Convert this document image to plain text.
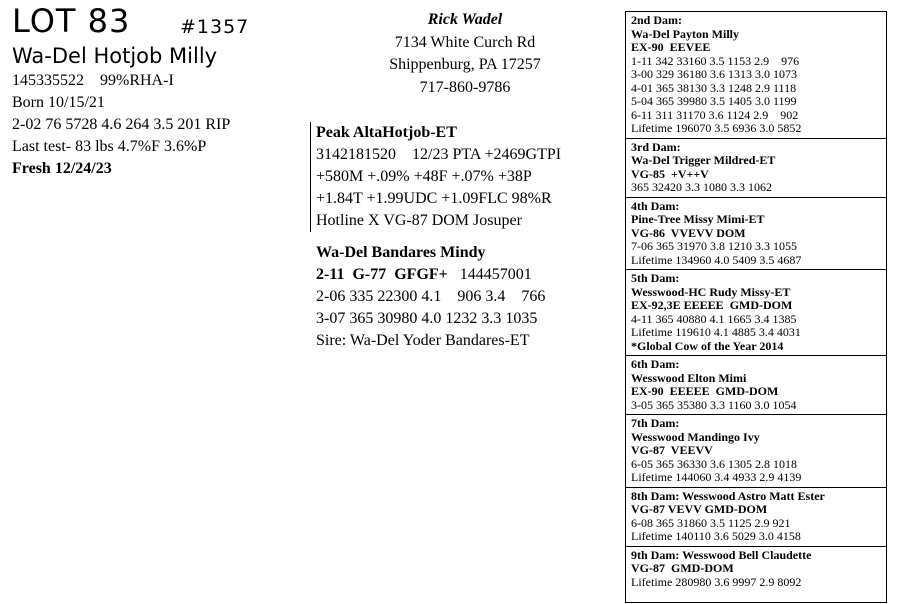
LOT 83	#1357
Wa-Del Hotjob Milly
145335522    99%RHA-I
Born 10/15/21
2-02 76 5728 4.6 264 3.5 201 RIP
Last test- 83 lbs 4.7%F 3.6%P
Fresh 12/24/23
Rick Wadel
7134 White Curch Rd
Shippenburg, PA 17257
717-860-9786
Peak AltaHotjob-ET
3142181520    12/23 PTA +2469GTPI
+580M +.09% +48F +.07% +38P
+1.84T +1.99UDC +1.09FLC 98%R
Hotline X VG-87 DOM Josuper
Wa-Del Bandares Mindy
2-11  G-77  GFGF+   144457001
2-06 335 22300 4.1    906 3.4    766
3-07 365 30980 4.0 1232 3.3 1035
Sire: Wa-Del Yoder Bandares-ET
2nd Dam:
Wa-Del Payton Milly
EX-90  EEVEE
1-11 342 33160 3.5 1153 2.9    976
3-00 329 36180 3.6 1313 3.0 1073
4-01 365 38130 3.3 1248 2.9 1118
5-04 365 39980 3.5 1405 3.0 1199
6-11 311 31170 3.6 1124 2.9    902
Lifetime 196070 3.5 6936 3.0 5852
3rd Dam:
Wa-Del Trigger Mildred-ET
VG-85  +V++V
365 32420 3.3 1080 3.3 1062
4th Dam:
Pine-Tree Missy Mimi-ET
VG-86  VVEVV DOM
7-06 365 31970 3.8 1210 3.3 1055
Lifetime 134960 4.0 5409 3.5 4687
5th Dam:
Wesswood-HC Rudy Missy-ET
EX-92,3E EEEEE  GMD-DOM
4-11 365 40880 4.1 1665 3.4 1385
Lifetime 119610 4.1 4885 3.4 4031
*Global Cow of the Year 2014
6th Dam:
Wesswood Elton Mimi
EX-90  EEEEE  GMD-DOM
3-05 365 35380 3.3 1160 3.0 1054
7th Dam:
Wesswood Mandingo Ivy
VG-87  VEEVV
6-05 365 36330 3.6 1305 2.8 1018
Lifetime 144060 3.4 4933 2.9 4139
8th Dam: Wesswood Astro Matt Ester
VG-87 VEVV GMD-DOM
6-08 365 31860 3.5 1125 2.9 921
Lifetime 140110 3.6 5029 3.0 4158
9th Dam: Wesswood Bell Claudette
VG-87  GMD-DOM
Lifetime 280980 3.6 9997 2.9 8092
